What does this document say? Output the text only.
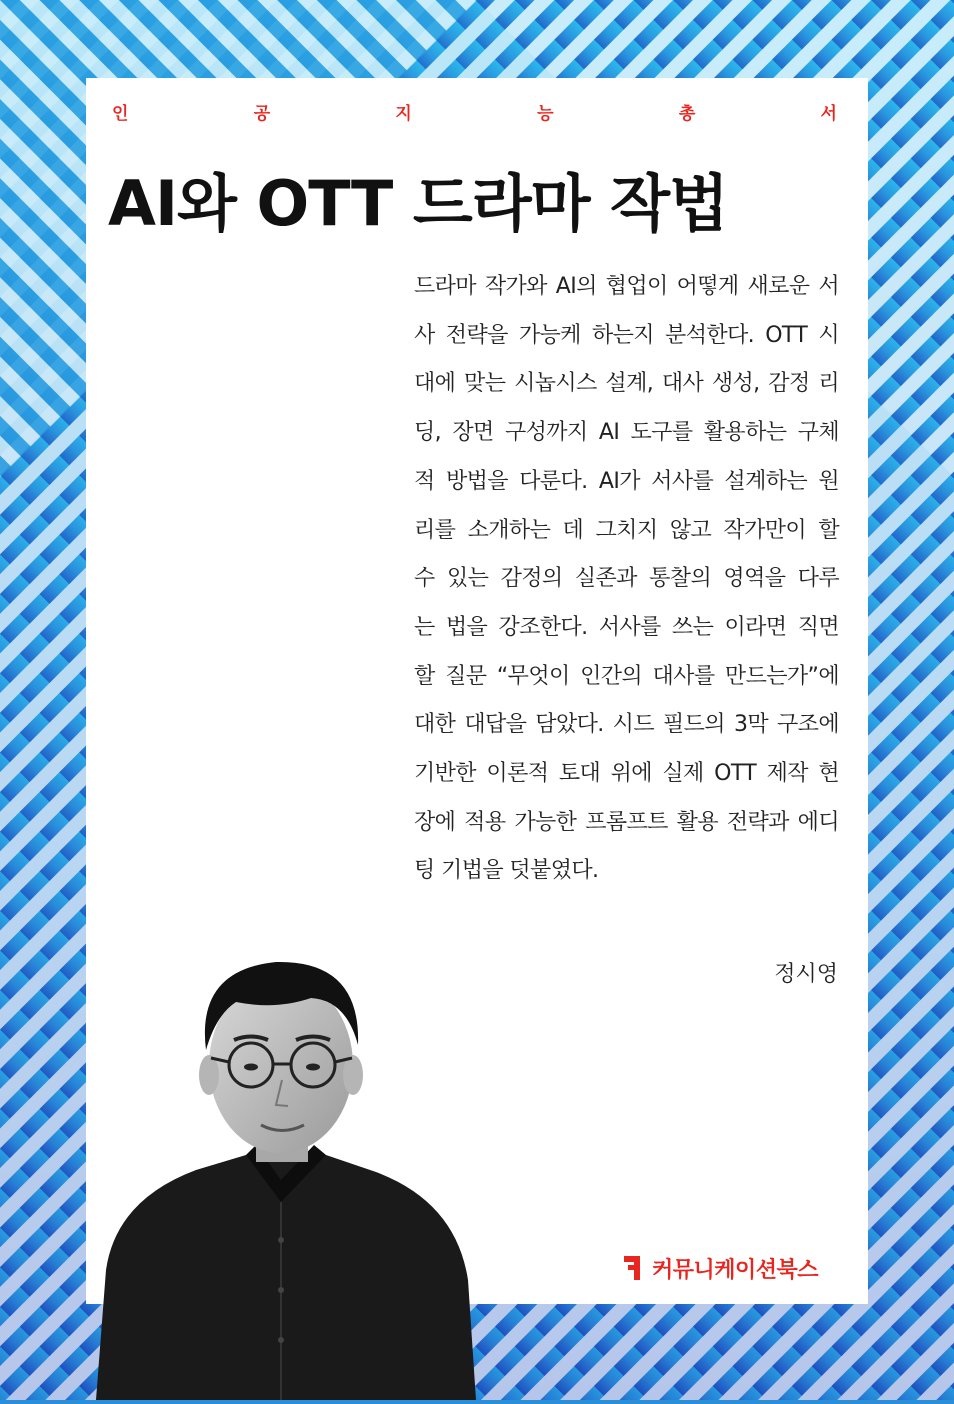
인	공	지	능	총	서
AI와 OTT 드라마 작법
드라마 작가와 AI의 협업이 어떻게 새로운 서
사 전략을 가능케 하는지 분석한다. OTT 시
대에 맞는 시놉시스 설계, 대사 생성, 감정 리
딩, 장면 구성까지 AI 도구를 활용하는 구체
적 방법을 다룬다. AI가 서사를 설계하는 원
리를 소개하는 데 그치지 않고 작가만이 할
수 있는 감정의 실존과 통찰의 영역을 다루
는 법을 강조한다. 서사를 쓰는 이라면 직면
할 질문 “무엇이 인간의 대사를 만드는가”에
대한 대답을 담았다. 시드 필드의 3막 구조에
기반한 이론적 토대 위에 실제 OTT 제작 현
장에 적용 가능한 프롬프트 활용 전략과 에디
팅 기법을 덧붙였다.
정시영
커뮤니케이션북스
